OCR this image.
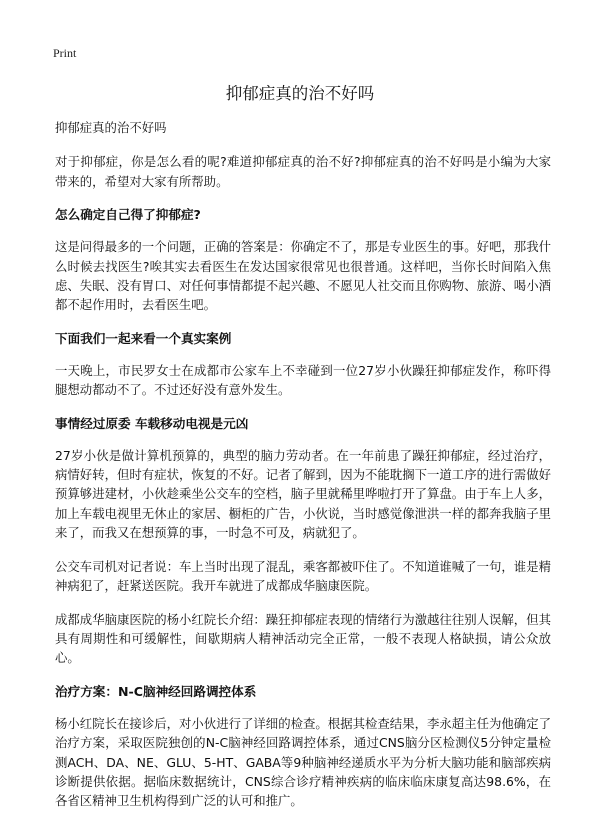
Print
抑郁症真的治不好吗

抑郁症真的治不好吗

对于抑郁症，你是怎么看的呢?难道抑郁症真的治不好?抑郁症真的治不好吗是小编为大家带来的，希望对大家有所帮助。

怎么确定自己得了抑郁症?

这是问得最多的一个问题，正确的答案是：你确定不了，那是专业医生的事。好吧，那我什么时候去找医生?唉其实去看医生在发达国家很常见也很普通。这样吧，当你长时间陷入焦虑、失眠、没有胃口、对任何事情都提不起兴趣、不愿见人社交而且你购物、旅游、喝小酒都不起作用时，去看医生吧。

下面我们一起来看一个真实案例

一天晚上，市民罗女士在成都市公家车上不幸碰到一位27岁小伙躁狂抑郁症发作，称吓得腿想动都动不了。不过还好没有意外发生。

事情经过原委 车载移动电视是元凶

27岁小伙是做计算机预算的，典型的脑力劳动者。在一年前患了躁狂抑郁症，经过治疗，病情好转，但时有症状，恢复的不好。记者了解到，因为不能耽搁下一道工序的进行需做好预算够进建材，小伙趁乘坐公交车的空档，脑子里就稀里哗啦打开了算盘。由于车上人多，加上车载电视里无休止的家居、橱柜的广告，小伙说，当时感觉像泄洪一样的都奔我脑子里来了，而我又在想预算的事，一时急不可及，病就犯了。

公交车司机对记者说：车上当时出现了混乱，乘客都被吓住了。不知道谁喊了一句，谁是精神病犯了，赶紧送医院。我开车就进了成都成华脑康医院。

成都成华脑康医院的杨小红院长介绍：躁狂抑郁症表现的情绪行为激越往往别人误解，但其具有周期性和可缓解性，间歇期病人精神活动完全正常，一般不表现人格缺损，请公众放心。

治疗方案：N-C脑神经回路调控体系

杨小红院长在接诊后，对小伙进行了详细的检查。根据其检查结果，李永超主任为他确定了治疗方案，采取医院独创的N-C脑神经回路调控体系，通过CNS脑分区检测仪5分钟定量检测ACH、DA、NE、GLU、5-HT、GABA等9种脑神经递质水平为分析大脑功能和脑部疾病诊断提供依据。据临床数据统计，CNS综合诊疗精神疾病的临床临床康复高达98.6%，在各省区精神卫生机构得到广泛的认可和推广。
